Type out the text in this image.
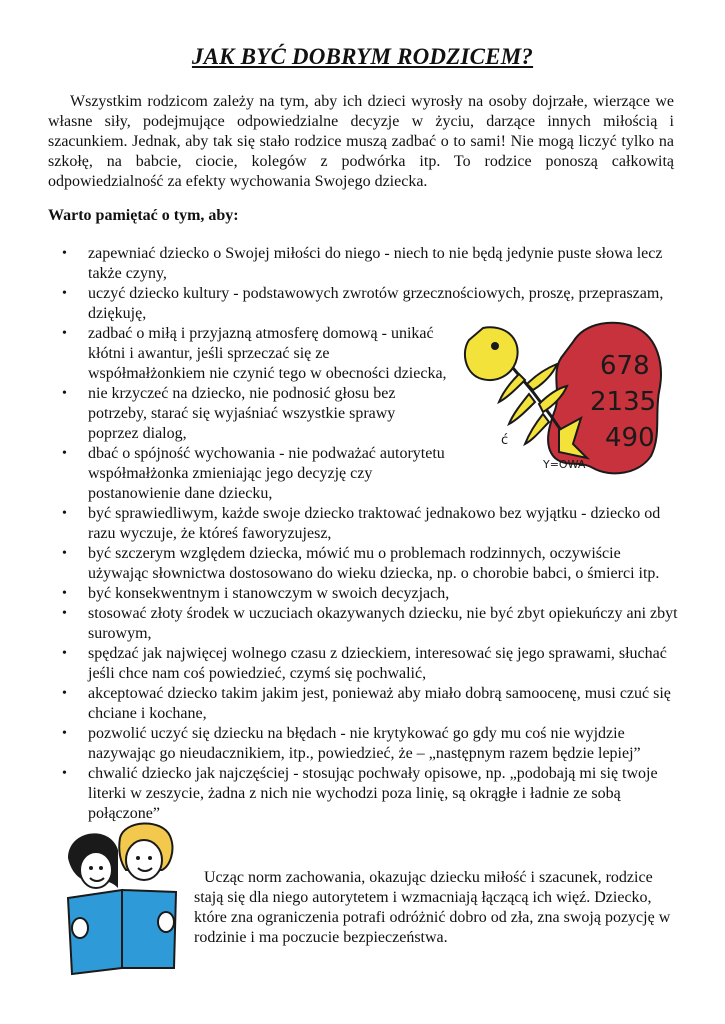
JAK BYĆ DOBRYM RODZICEM?

Wszystkim rodzicom zależy na tym, aby ich dzieci wyrosły na osoby dojrzałe, wierzące we własne siły, podejmujące odpowiedzialne decyzje w życiu, darzące innych miłością i szacunkiem. Jednak, aby tak się stało rodzice muszą zadbać o to sami! Nie mogą liczyć tylko na szkołę, na babcie, ciocie, kolegów z podwórka itp. To rodzice ponoszą całkowitą odpowiedzialność za efekty wychowania Swojego dziecka.

Warto pamiętać o tym, aby:

• zapewniać dziecko o Swojej miłości do niego - niech to nie będą jedynie puste słowa lecz także czyny,
• uczyć dziecko kultury - podstawowych zwrotów grzecznościowych, proszę, przepraszam, dziękuję,
• zadbać o miłą i przyjazną atmosferę domową - unikać kłótni i awantur, jeśli sprzeczać się ze współmałżonkiem nie czynić tego w obecności dziecka,
• nie krzyczeć na dziecko, nie podnosić głosu bez potrzeby, starać się wyjaśniać wszystkie sprawy poprzez dialog,
• dbać o spójność wychowania - nie podważać autorytetu współmałżonka zmieniając jego decyzję czy postanowienie dane dziecku,
• być sprawiedliwym, każde swoje dziecko traktować jednakowo bez wyjątku - dziecko od razu wyczuje, że któreś faworyzujesz,
• być szczerym względem dziecka, mówić mu o problemach rodzinnych, oczywiście używając słownictwa dostosowano do wieku dziecka, np. o chorobie babci, o śmierci itp.
• być konsekwentnym i stanowczym w swoich decyzjach,
• stosować złoty środek w uczuciach okazywanych dziecku, nie być zbyt opiekuńczy ani zbyt surowym,
• spędzać jak najwięcej wolnego czasu z dzieckiem, interesować się jego sprawami, słuchać jeśli chce nam coś powiedzieć, czymś się pochwalić,
• akceptować dziecko takim jakim jest, ponieważ aby miało dobrą samoocenę, musi czuć się chciane i kochane,
• pozwolić uczyć się dziecku na błędach - nie krytykować go gdy mu coś nie wyjdzie nazywając go nieudacznikiem, itp., powiedzieć, że – „następnym razem będzie lepiej”
• chwalić dziecko jak najczęściej - stosując pochwały opisowe, np. „podobają mi się twoje literki w zeszycie, żadna z nich nie wychodzi poza linię, są okrągłe i ładnie ze sobą połączone”
678
2135
490
Y=OWA
ć

Ucząc norm zachowania, okazując dziecku miłość i szacunek, rodzice stają się dla niego autorytetem i wzmacniają łączącą ich więź. Dziecko, które zna ograniczenia potrafi odróżnić dobro od zła, zna swoją pozycję w rodzinie i ma poczucie bezpieczeństwa.
